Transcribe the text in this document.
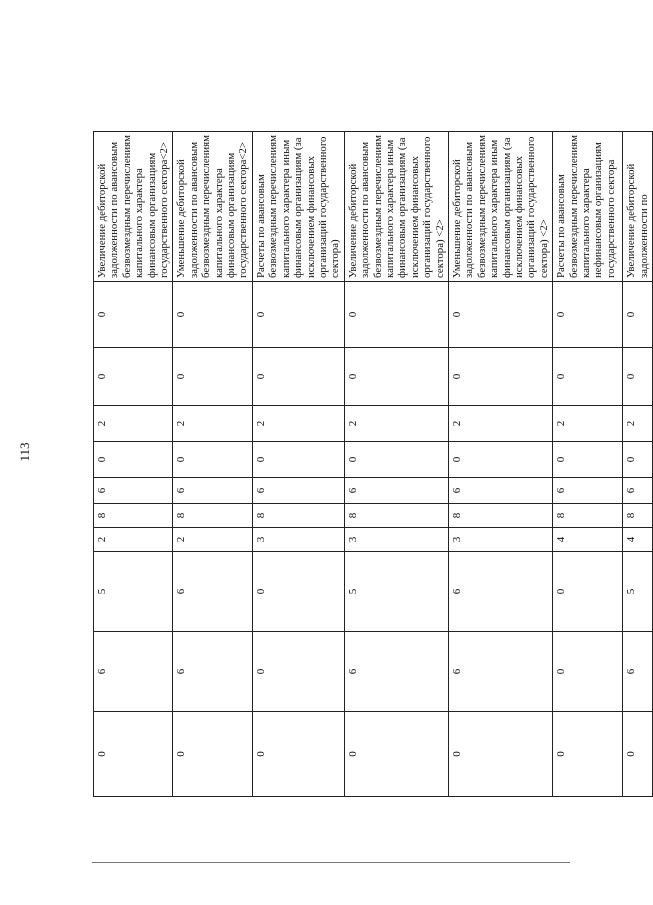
113
0	6	5	2	8	6	0	2	0	0	Увеличение дебиторской задолженности по авансовым безвозмездным перечислениям капитального характера финансовым организациям государственного сектора<2>
0	6	6	2	8	6	0	2	0	0	Уменьшение дебиторской задолженности по авансовым безвозмездным перечислениям капитального характера финансовым организациям государственного сектора<2>
0	0	0	3	8	6	0	2	0	0	Расчеты по авансовым безвозмездным перечислениям капитального характера иным финансовым организациям (за исключением финансовых организаций государственного сектора)
0	6	5	3	8	6	0	2	0	0	Увеличение дебиторской задолженности по авансовым безвозмездным перечислениям капитального характера иным финансовым организациям (за исключением финансовых организаций государственного сектора) <2>
0	6	6	3	8	6	0	2	0	0	Уменьшение дебиторской задолженности по авансовым безвозмездным перечислениям капитального характера иным финансовым организациям (за исключением финансовых организаций государственного сектора) <2>
0	0	0	4	8	6	0	2	0	0	Расчеты по авансовым безвозмездным перечислениям капитального характера нефинансовым организациям государственного сектора
0	6	5	4	8	6	0	2	0	0	Увеличение дебиторской задолженности по
